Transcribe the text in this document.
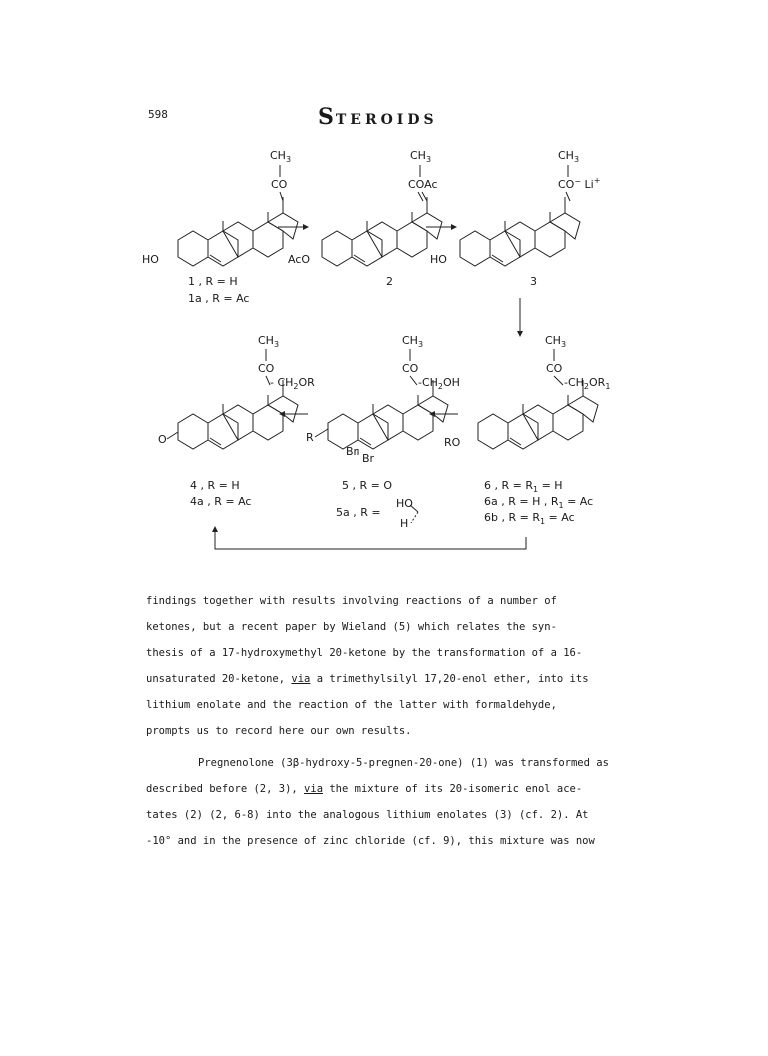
598	STEROIDS
$CH_3$
CO
HO
1 , R = H
1a , R = Ac
$CH_3$
COAc
AcO
2
$CH_3$
CO− Li+
HO
3
$CH_3$
CO
$-CH_2OR_1$
RO
6 , $R = R_1 = H$
6a , R = H , $R_1 = Ac$
6b , $R = R_1 = Ac$
$CH_3$
CO
$-CH_2OH$
R
Br
Br
5 , R = O
5a , R =
HO
H
$CH_3$
CO
- $CH_2OR$
O
4 , R = H
4a , R = Ac

findings together with results involving reactions of a number of

ketones, but a recent paper by Wieland (5) which relates the syn-

thesis of a 17-hydroxymethyl 20-ketone by the transformation of a 16-

unsaturated 20-ketone, via a trimethylsilyl 17,20-enol ether, into its

lithium enolate and the reaction of the latter with formaldehyde,

prompts us to record here our own results.

Pregnenolone (3β-hydroxy-5-pregnen-20-one) (1) was transformed as

described before (2, 3), via the mixture of its 20-isomeric enol ace-

tates (2) (2, 6-8) into the analogous lithium enolates (3) (cf. 2). At

-10° and in the presence of zinc chloride (cf. 9), this mixture was now
